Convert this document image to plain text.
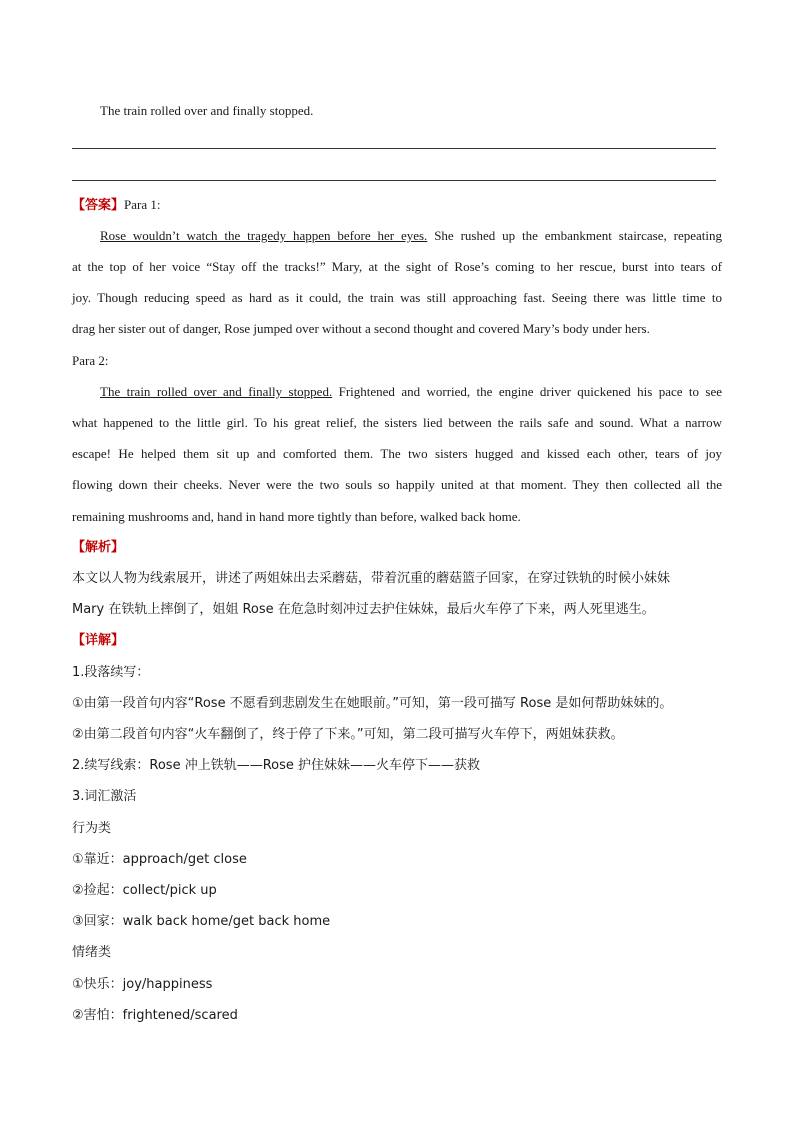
The train rolled over and finally stopped.
【答案】Para 1:
Rose wouldn’t watch the tragedy happen before her eyes. She rushed up the embankment staircase, repeating
at the top of her voice “Stay off the tracks!” Mary, at the sight of Rose’s coming to her rescue, burst into tears of
joy. Though reducing speed as hard as it could, the train was still approaching fast. Seeing there was little time to
drag her sister out of danger, Rose jumped over without a second thought and covered Mary’s body under hers.
Para 2:
The train rolled over and finally stopped. Frightened and worried, the engine driver quickened his pace to see
what happened to the little girl. To his great relief, the sisters lied between the rails safe and sound. What a narrow
escape! He helped them sit up and comforted them. The two sisters hugged and kissed each other, tears of joy
flowing down their cheeks. Never were the two souls so happily united at that moment. They then collected all the
remaining mushrooms and, hand in hand more tightly than before, walked back home.
【解析】
本文以人物为线索展开，讲述了两姐妹出去采蘑菇，带着沉重的蘑菇篮子回家，在穿过铁轨的时候小妹妹
Mary 在铁轨上摔倒了，姐姐 Rose 在危急时刻冲过去护住妹妹，最后火车停了下来，两人死里逃生。
【详解】
1.段落续写：
①由第一段首句内容“Rose 不愿看到悲剧发生在她眼前。”可知，第一段可描写 Rose 是如何帮助妹妹的。
②由第二段首句内容“火车翻倒了，终于停了下来。”可知，第二段可描写火车停下，两姐妹获救。
2.续写线索：Rose 冲上铁轨——Rose 护住妹妹——火车停下——获救
3.词汇激活
行为类
①靠近：approach/get close
②捡起：collect/pick up
③回家：walk back home/get back home
情绪类
①快乐：joy/happiness
②害怕：frightened/scared
